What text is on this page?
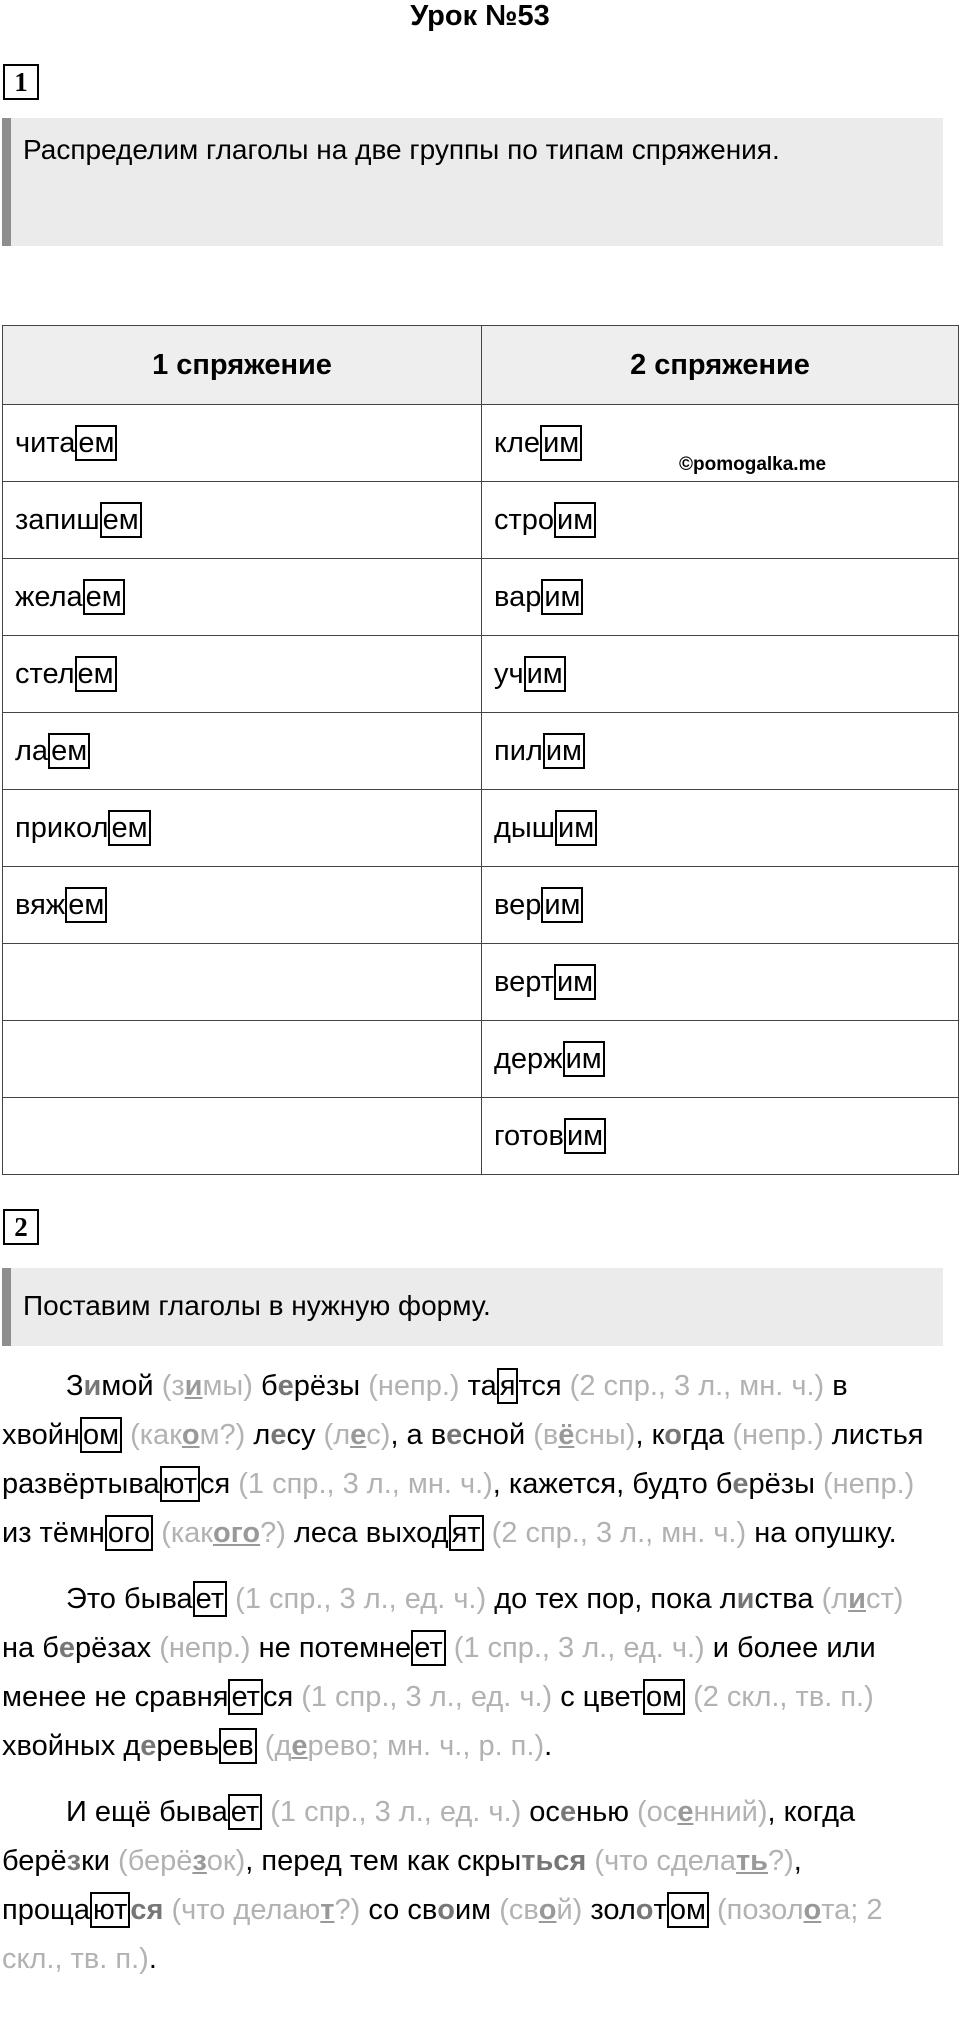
Урок №53
1
Распределим глаголы на две группы по типам спряжения.
1 спряжение	2 спряжение
чита ем	кле им
запиш ем	стро им
жела ем	вар им
стел ем	уч им
ла ем	пил им
прикол ем	дыш им
вяж ем	вер им
	верт им
	держ им
	готов им
©pomogalka.me
2
Поставим глаголы в нужную форму.

Зимой (зимы) берёзы (непр.) та я тся (2 спр., 3 л., мн. ч.) в хвойн ом (каком?) лесу (лес), а весной (вёсны), когда (непр.) листья развёртыва ют ся (1 спр., 3 л., мн. ч.), кажется, будто берёзы (непр.) из тёмн ого (какого?) леса выход ят (2 спр., 3 л., мн. ч.) на опушку.

Это быва ет (1 спр., 3 л., ед. ч.) до тех пор, пока листва (лист) на берёзах (непр.) не потемне ет (1 спр., 3 л., ед. ч.) и более или менее не сравня ет ся (1 спр., 3 л., ед. ч.) с цвет ом (2 скл., тв. п.) хвойных деревь ев (дерево; мн. ч., р. п.).

И ещё быва ет (1 спр., 3 л., ед. ч.) осенью (осенний), когда берёзки (берёзок), перед тем как скрыться (что сделать?), проща ют ся (что делают?) со своим (свой) золот ом (позолота; 2 скл., тв. п.).
